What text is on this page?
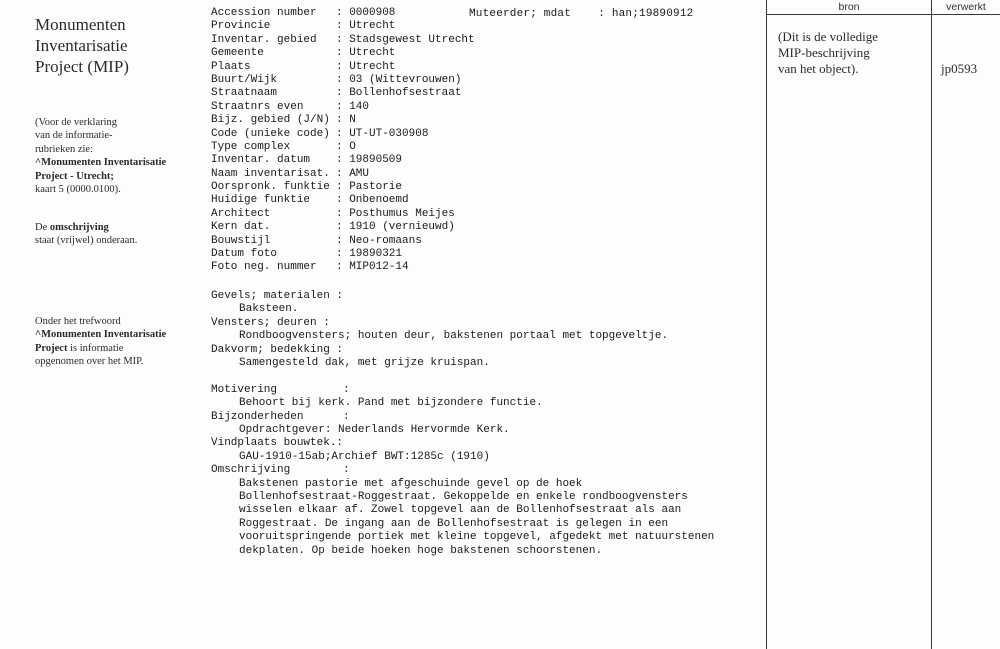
Monumenten
Inventarisatie
Project (MIP)
(Voor de verklaring
van de informatie-
rubrieken zie:
^Monumenten Inventarisatie
Project - Utrecht;
kaart 5 (0000.0100).
De omschrijving
staat (vrijwel) onderaan.
Onder het trefwoord
^Monumenten Inventarisatie
Project is informatie
opgenomen over het MIP.
Muteerder; mdat    : han;19890912
Accession number : 0000908
Provincie	: Utrecht
Inventar. gebied : Stadsgewest Utrecht
Gemeente	: Utrecht
Plaats	: Utrecht
Buurt/Wijk	: 03 (Wittevrouwen)
Straatnaam	: Bollenhofsestraat
Straatnrs even	: 140
Bijz. gebied (J/N) : N
Code (unieke code) : UT-UT-030908
Type complex	: O
Inventar. datum : 19890509
Naam inventarisat. : AMU
Oorspronk. funktie : Pastorie
Huidige funktie : Onbenoemd
Architect	: Posthumus Meijes
Kern dat.	: 1910 (vernieuwd)
Bouwstijl	: Neo-romaans
Datum foto	: 19890321
Foto neg. nummer : MIP012-14
Gevels; materialen :
Baksteen.
Vensters; deuren :
Rondboogvensters; houten deur, bakstenen portaal met topgeveltje.
Dakvorm; bedekking :
Samengesteld dak, met grijze kruispan.
Motivering          :
Behoort bij kerk. Pand met bijzondere functie.
Bijzonderheden      :
Opdrachtgever: Nederlands Hervormde Kerk.
Vindplaats bouwtek.:
GAU-1910-15ab;Archief BWT:1285c (1910)
Omschrijving        :
Bakstenen pastorie met afgeschuinde gevel op de hoek
Bollenhofsestraat-Roggestraat. Gekoppelde en enkele rondboogvensters
wisselen elkaar af. Zowel topgevel aan de Bollenhofsestraat als aan
Roggestraat. De ingang aan de Bollenhofsestraat is gelegen in een
vooruitspringende portiek met kleine topgevel, afgedekt met natuurstenen
dekplaten. Op beide hoeken hoge bakstenen schoorstenen.
bron	verwerkt
(Dit is de volledige
MIP-beschrijving
van het object).	jp0593
